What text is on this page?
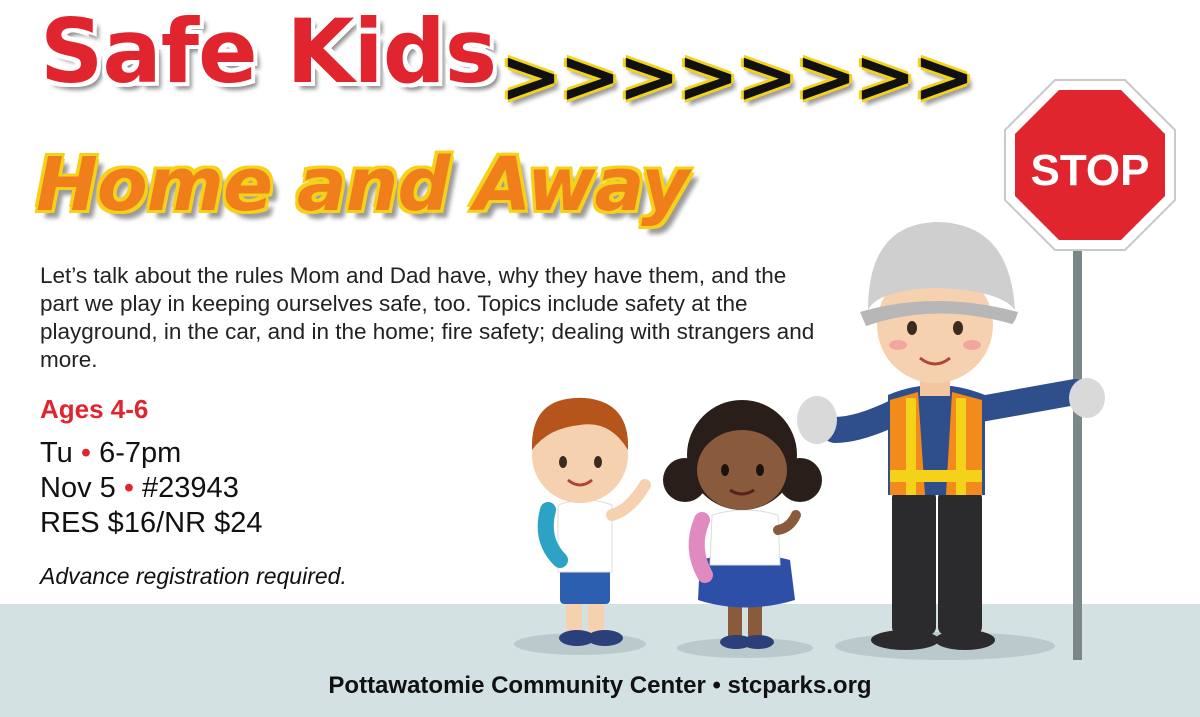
Safe Kids >>>>>>>>
Home and Away
Let’s talk about the rules Mom and Dad have, why they have them, and the part we play in keeping ourselves safe, too. Topics include safety at the playground, in the car, and in the home; fire safety; dealing with strangers and more.
Ages 4-6
Tu • 6-7pm
Nov 5 • #23943
RES $16/NR $24
Advance registration required.
Pottawatomie Community Center • stcparks.org
STOP
